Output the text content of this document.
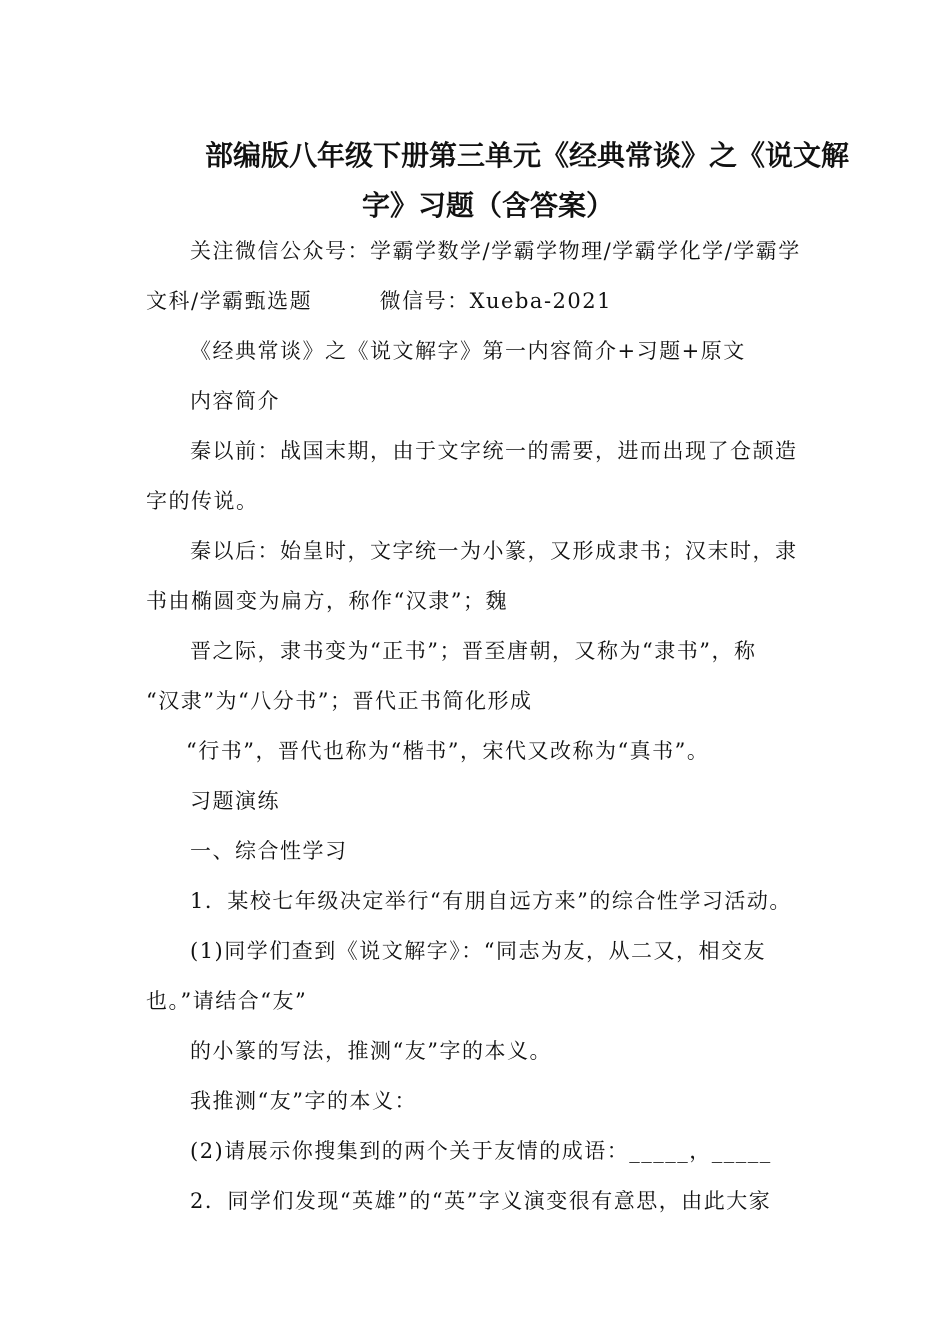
部编版八年级下册第三单元《经典常谈》之《说文解
字》习题（含答案）

关注微信公众号：学霸学数学/学霸学物理/学霸学化学/学霸学

文科/学霸甄选题　　　微信号：Xueba-2021

《经典常谈》之《说文解字》第一内容简介+习题+原文

内容简介

秦以前：战国末期，由于文字统一的需要，进而出现了仓颉造

字的传说。

秦以后：始皇时，文字统一为小篆，又形成隶书；汉末时，隶

书由椭圆变为扁方，称作“汉隶”；魏

晋之际，隶书变为“正书”；晋至唐朝，又称为“隶书”，称

“汉隶”为“八分书”；晋代正书简化形成

“行书”，晋代也称为“楷书”，宋代又改称为“真书”。

习题演练

一、综合性学习

1．某校七年级决定举行“有朋自远方来”的综合性学习活动。

(1)同学们查到《说文解字》：“同志为友，从二又，相交友

也。”请结合“友”

的小篆的写法，推测“友”字的本义。

我推测“友”字的本义：

(2)请展示你搜集到的两个关于友情的成语：_____，_____

2．同学们发现“英雄”的“英”字义演变很有意思，由此大家
